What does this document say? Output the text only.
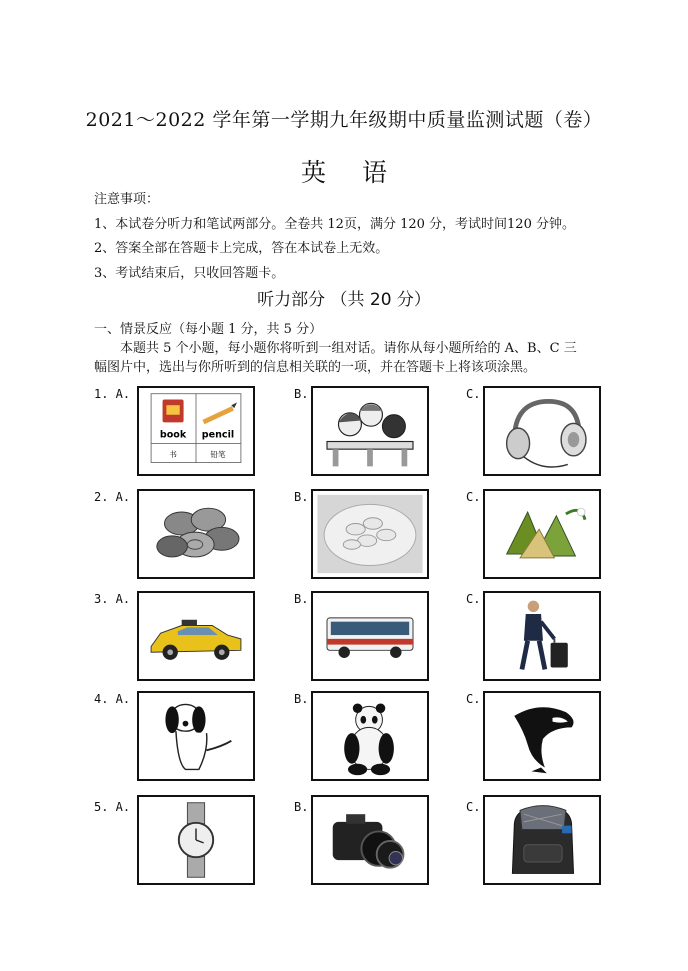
2021～2022 学年第一学期九年级期中质量监测试题（卷）
英语
注意事项：
1、本试卷分听力和笔试两部分。全卷共 12页，满分 120 分，考试时间120 分钟。
2、答案全部在答题卡上完成，答在本试卷上无效。
3、考试结束后，只收回答题卡。
听力部分 （共 20 分）
一、情景反应（每小题 1 分，共 5 分）
本题共 5 个小题，每小题你将听到一组对话。请你从每小题所给的 A、B、C 三
幅图片中，选出与你所听到的信息相关联的一项，并在答题卡上将该项涂黑。
1. A.	B.	C.
book pencil
书	铅笔
2. A.	B.	C.
3. A.	B.	C.
4. A.	B.	C.
5. A.	B.	C.
